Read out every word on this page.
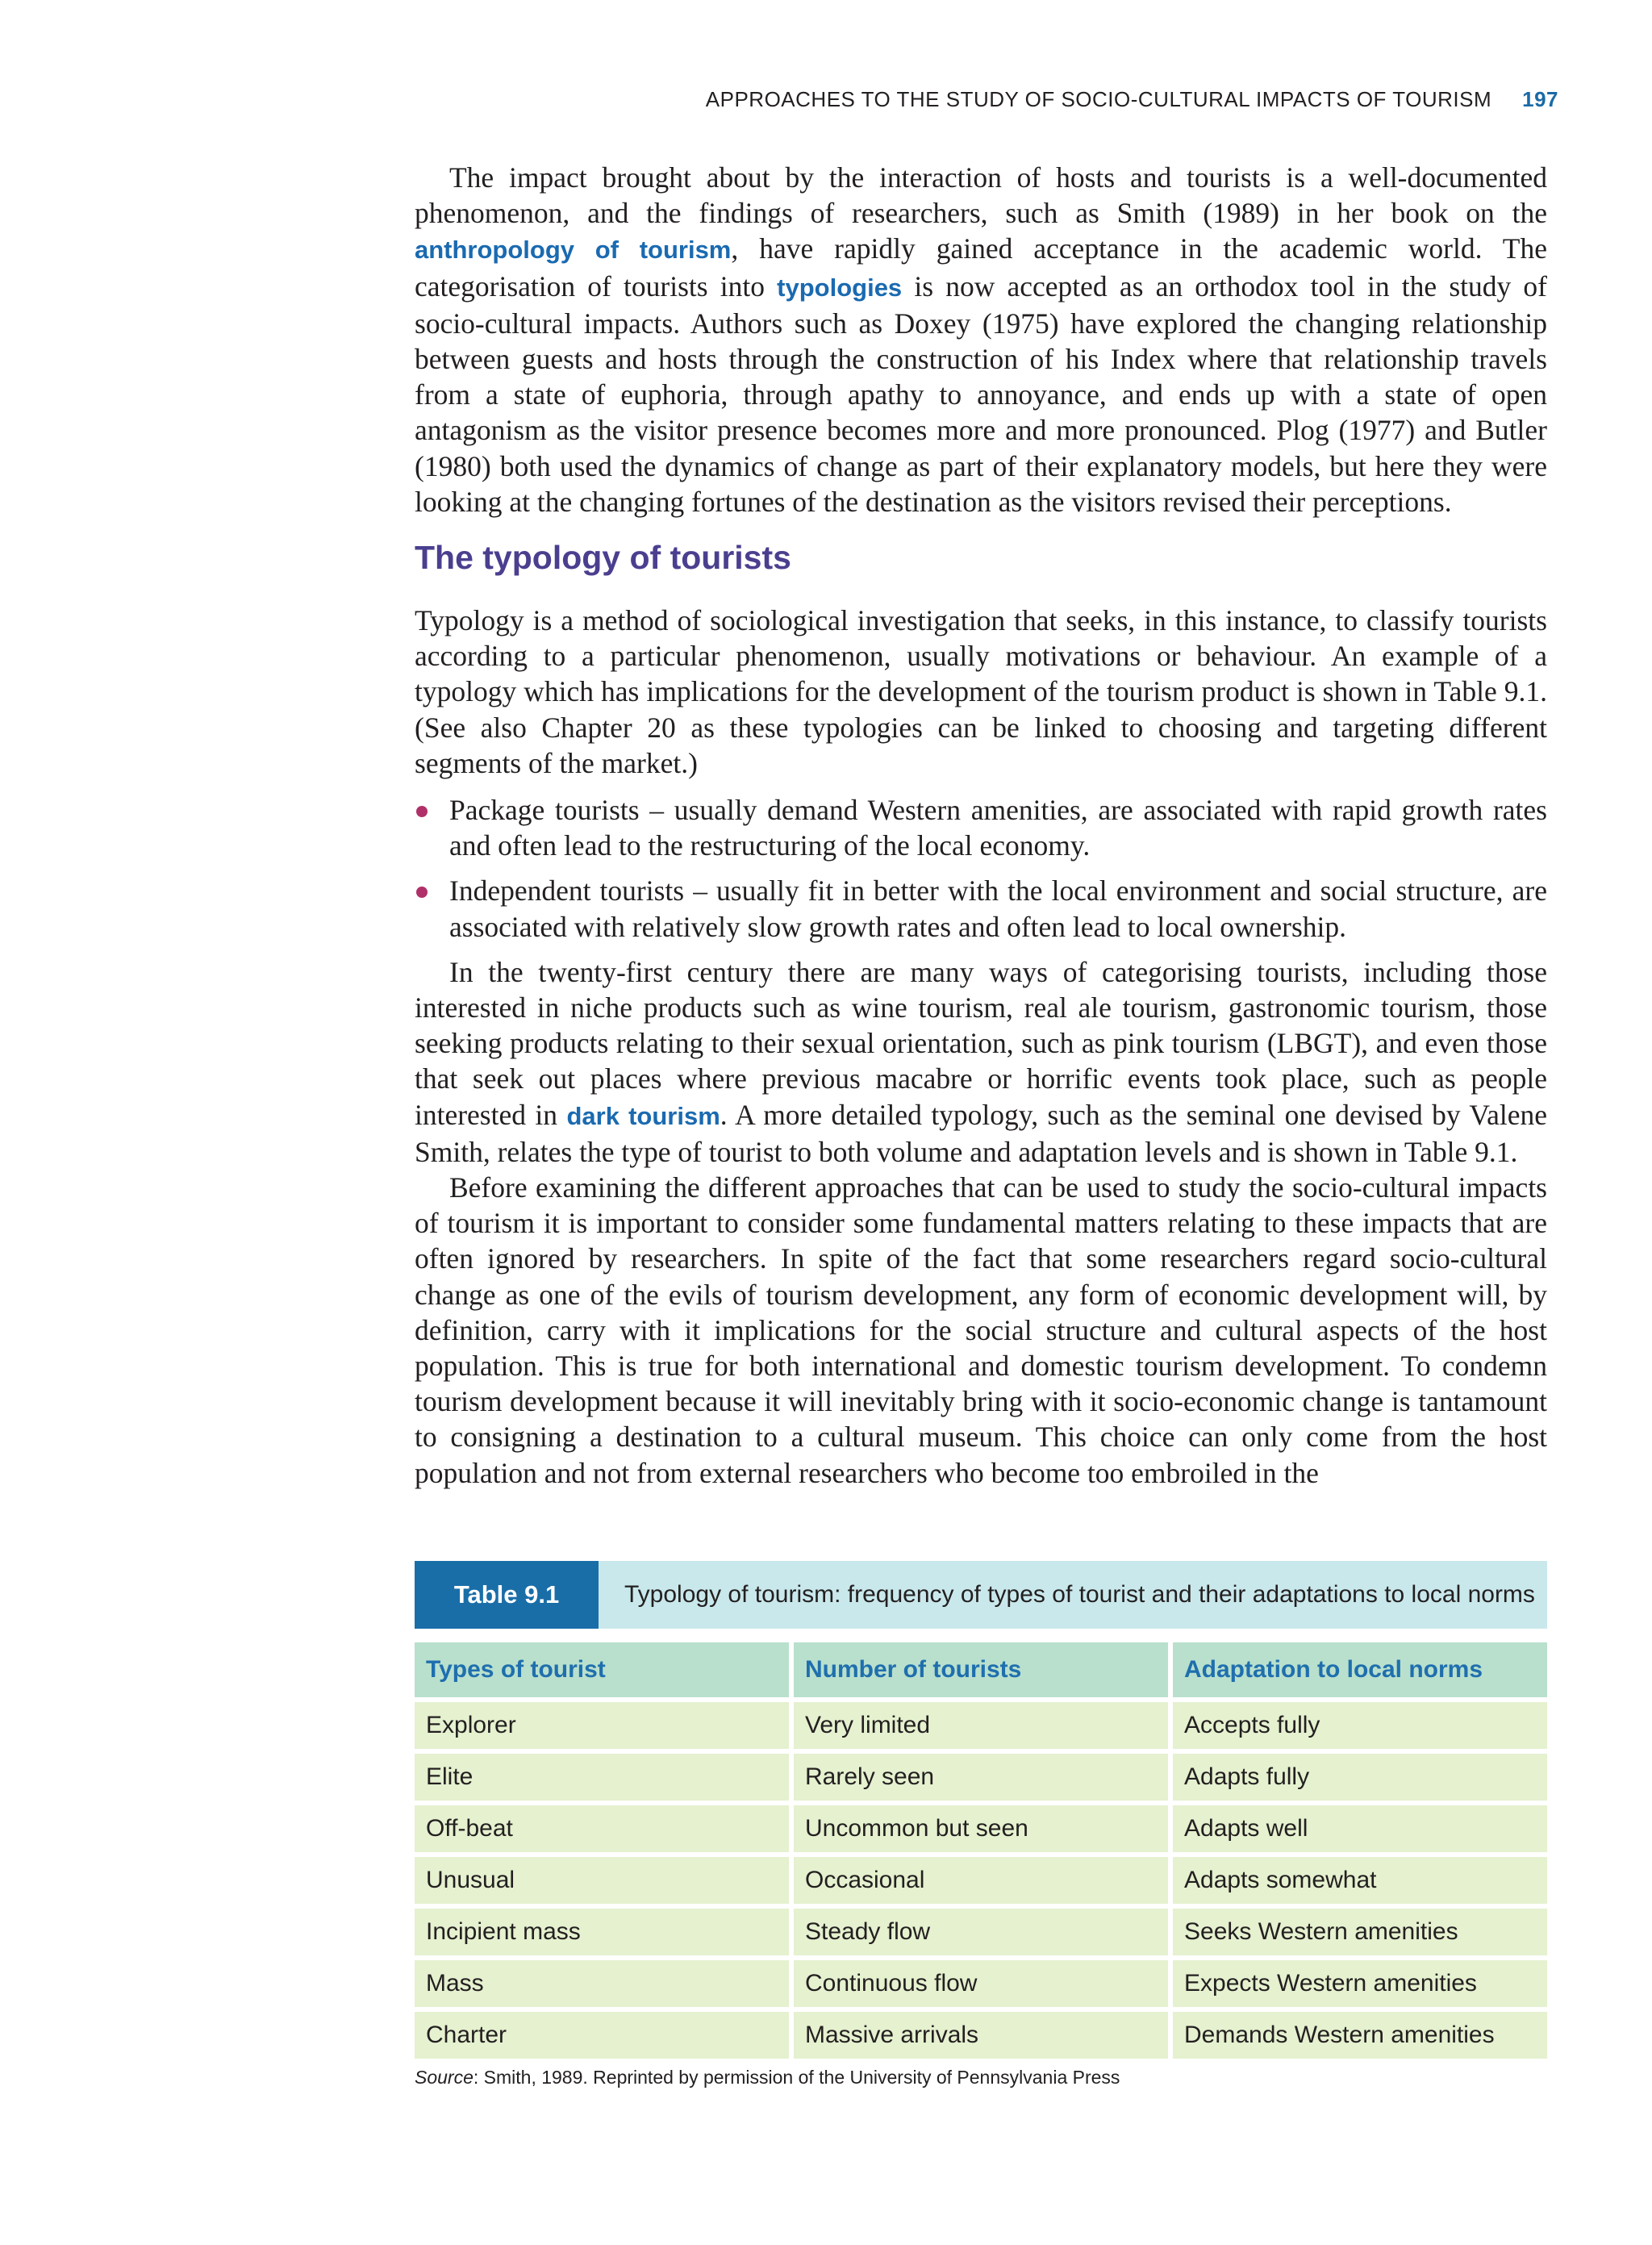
APPROACHES TO THE STUDY OF SOCIO-CULTURAL IMPACTS OF TOURISM 197

The impact brought about by the interaction of hosts and tourists is a well-documented phenomenon, and the findings of researchers, such as Smith (1989) in her book on the anthropology of tourism, have rapidly gained acceptance in the academic world. The categorisation of tourists into typologies is now accepted as an orthodox tool in the study of socio-cultural impacts. Authors such as Doxey (1975) have explored the changing relationship between guests and hosts through the construction of his Index where that relationship travels from a state of euphoria, through apathy to annoyance, and ends up with a state of open antagonism as the visitor presence becomes more and more pronounced. Plog (1977) and Butler (1980) both used the dynamics of change as part of their explanatory models, but here they were looking at the changing fortunes of the destination as the visitors revised their perceptions.

The typology of tourists

Typology is a method of sociological investigation that seeks, in this instance, to classify tourists according to a particular phenomenon, usually motivations or behaviour. An example of a typology which has implications for the development of the tourism product is shown in Table 9.1. (See also Chapter 20 as these typologies can be linked to choosing and targeting different segments of the market.)

Package tourists – usually demand Western amenities, are associated with rapid growth rates and often lead to the restructuring of the local economy.
Independent tourists – usually fit in better with the local environment and social structure, are associated with relatively slow growth rates and often lead to local ownership.

In the twenty-first century there are many ways of categorising tourists, including those interested in niche products such as wine tourism, real ale tourism, gastronomic tourism, those seeking products relating to their sexual orientation, such as pink tourism (LBGT), and even those that seek out places where previous macabre or horrific events took place, such as people interested in dark tourism. A more detailed typology, such as the seminal one devised by Valene Smith, relates the type of tourist to both volume and adaptation levels and is shown in Table 9.1.

Before examining the different approaches that can be used to study the socio-cultural impacts of tourism it is important to consider some fundamental matters relating to these impacts that are often ignored by researchers. In spite of the fact that some researchers regard socio-cultural change as one of the evils of tourism development, any form of economic development will, by definition, carry with it implications for the social structure and cultural aspects of the host population. This is true for both international and domestic tourism development. To condemn tourism development because it will inevitably bring with it socio-economic change is tantamount to consigning a destination to a cultural museum. This choice can only come from the host population and not from external researchers who become too embroiled in the

Table 9.1	Typology of tourism: frequency of types of tourist and their adaptations to local norms
Types of tourist	Number of tourists	Adaptation to local norms
Explorer	Very limited	Accepts fully
Elite	Rarely seen	Adapts fully
Off-beat	Uncommon but seen	Adapts well
Unusual	Occasional	Adapts somewhat
Incipient mass	Steady flow	Seeks Western amenities
Mass	Continuous flow	Expects Western amenities
Charter	Massive arrivals	Demands Western amenities
Source: Smith, 1989. Reprinted by permission of the University of Pennsylvania Press
